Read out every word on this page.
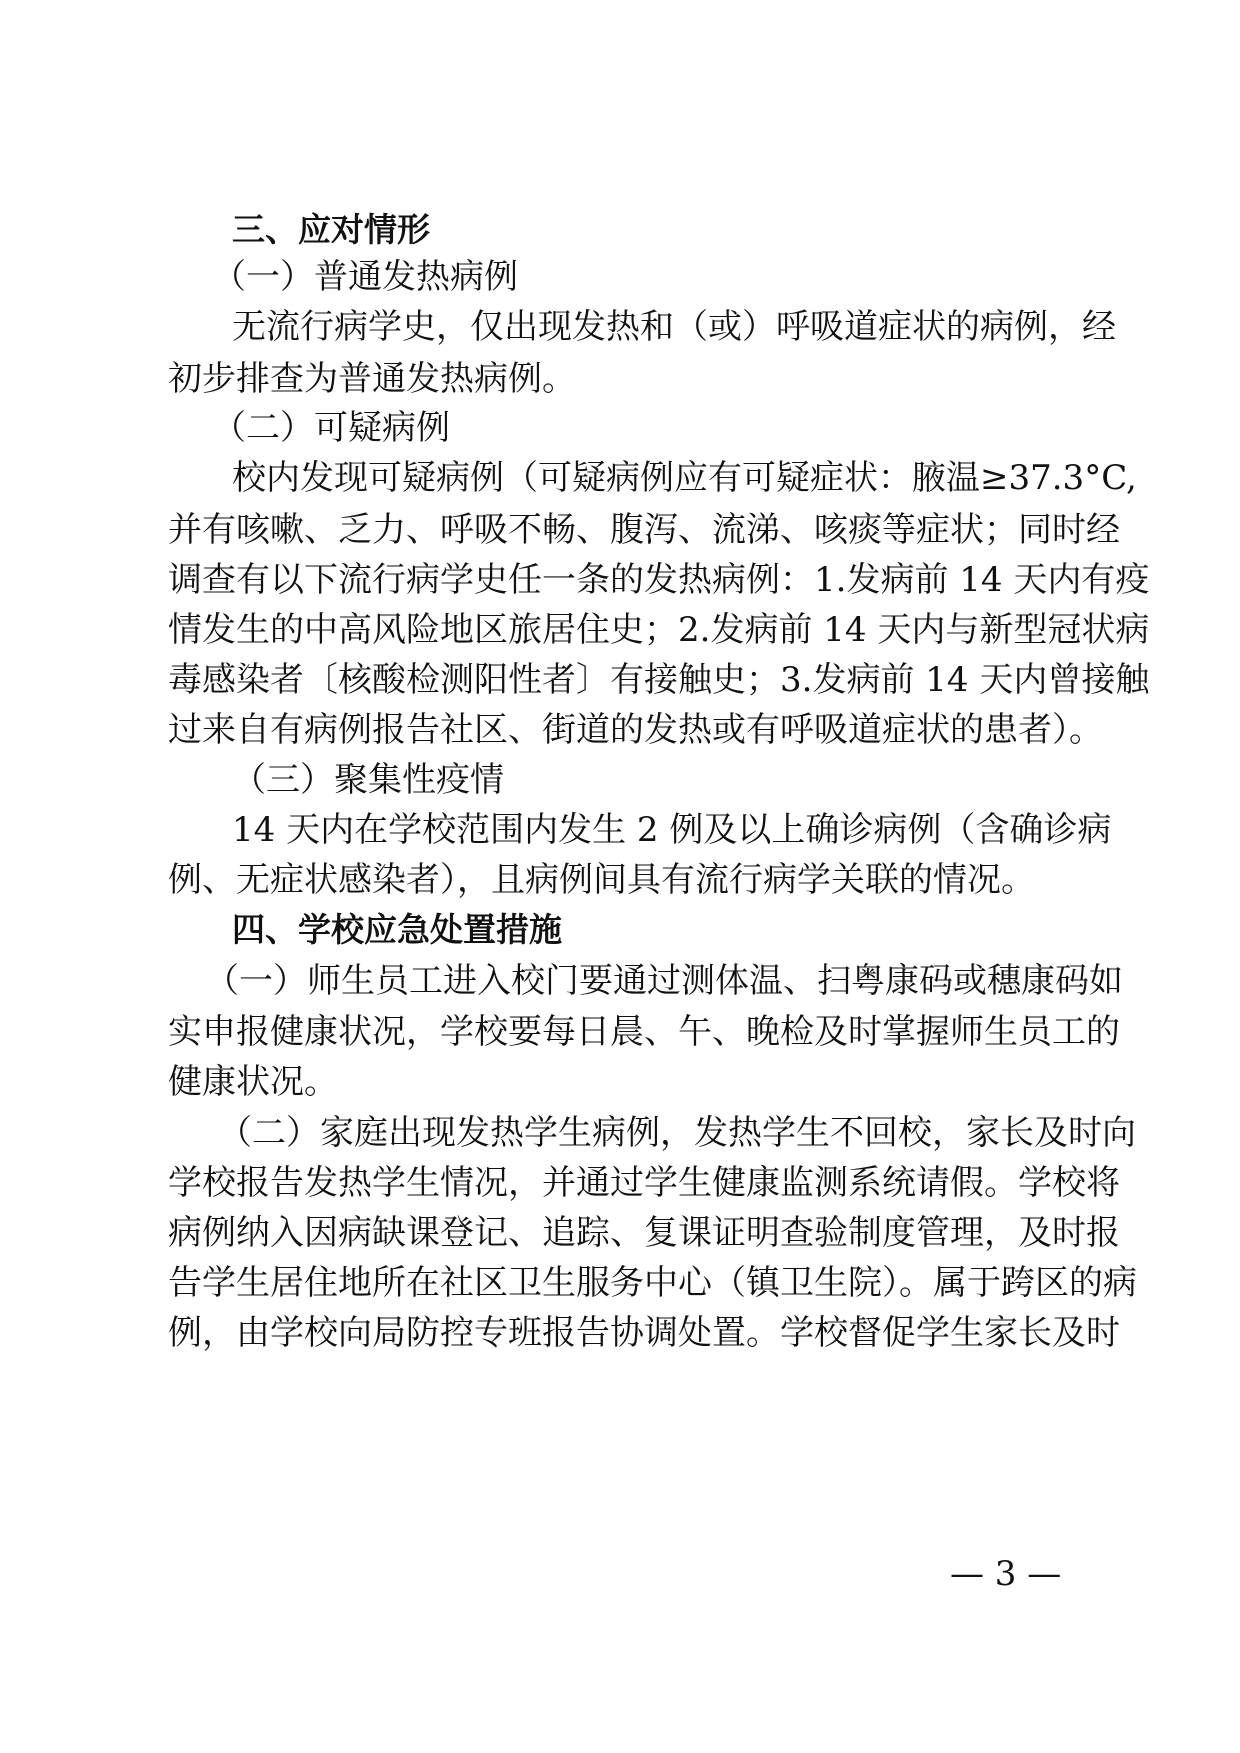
三、应对情形
（一）普通发热病例
无流行病学史，仅出现发热和（或）呼吸道症状的病例，经
初步排查为普通发热病例。
（二）可疑病例
校内发现可疑病例（可疑病例应有可疑症状：腋温≥37.3°C,
并有咳嗽、乏力、呼吸不畅、腹泻、流涕、咳痰等症状；同时经
调查有以下流行病学史任一条的发热病例：1.发病前 14 天内有疫
情发生的中高风险地区旅居住史；2.发病前 14 天内与新型冠状病
毒感染者〔核酸检测阳性者〕有接触史；3.发病前 14 天内曾接触
过来自有病例报告社区、街道的发热或有呼吸道症状的患者）。
（三）聚集性疫情
14 天内在学校范围内发生 2 例及以上确诊病例（含确诊病
例、无症状感染者），且病例间具有流行病学关联的情况。
四、学校应急处置措施
（一）师生员工进入校门要通过测体温、扫粤康码或穗康码如
实申报健康状况，学校要每日晨、午、晚检及时掌握师生员工的
健康状况。
（二）家庭出现发热学生病例，发热学生不回校，家长及时向
学校报告发热学生情况，并通过学生健康监测系统请假。学校将
病例纳入因病缺课登记、追踪、复课证明查验制度管理，及时报
告学生居住地所在社区卫生服务中心（镇卫生院）。属于跨区的病
例，由学校向局防控专班报告协调处置。学校督促学生家长及时
— 3 —
